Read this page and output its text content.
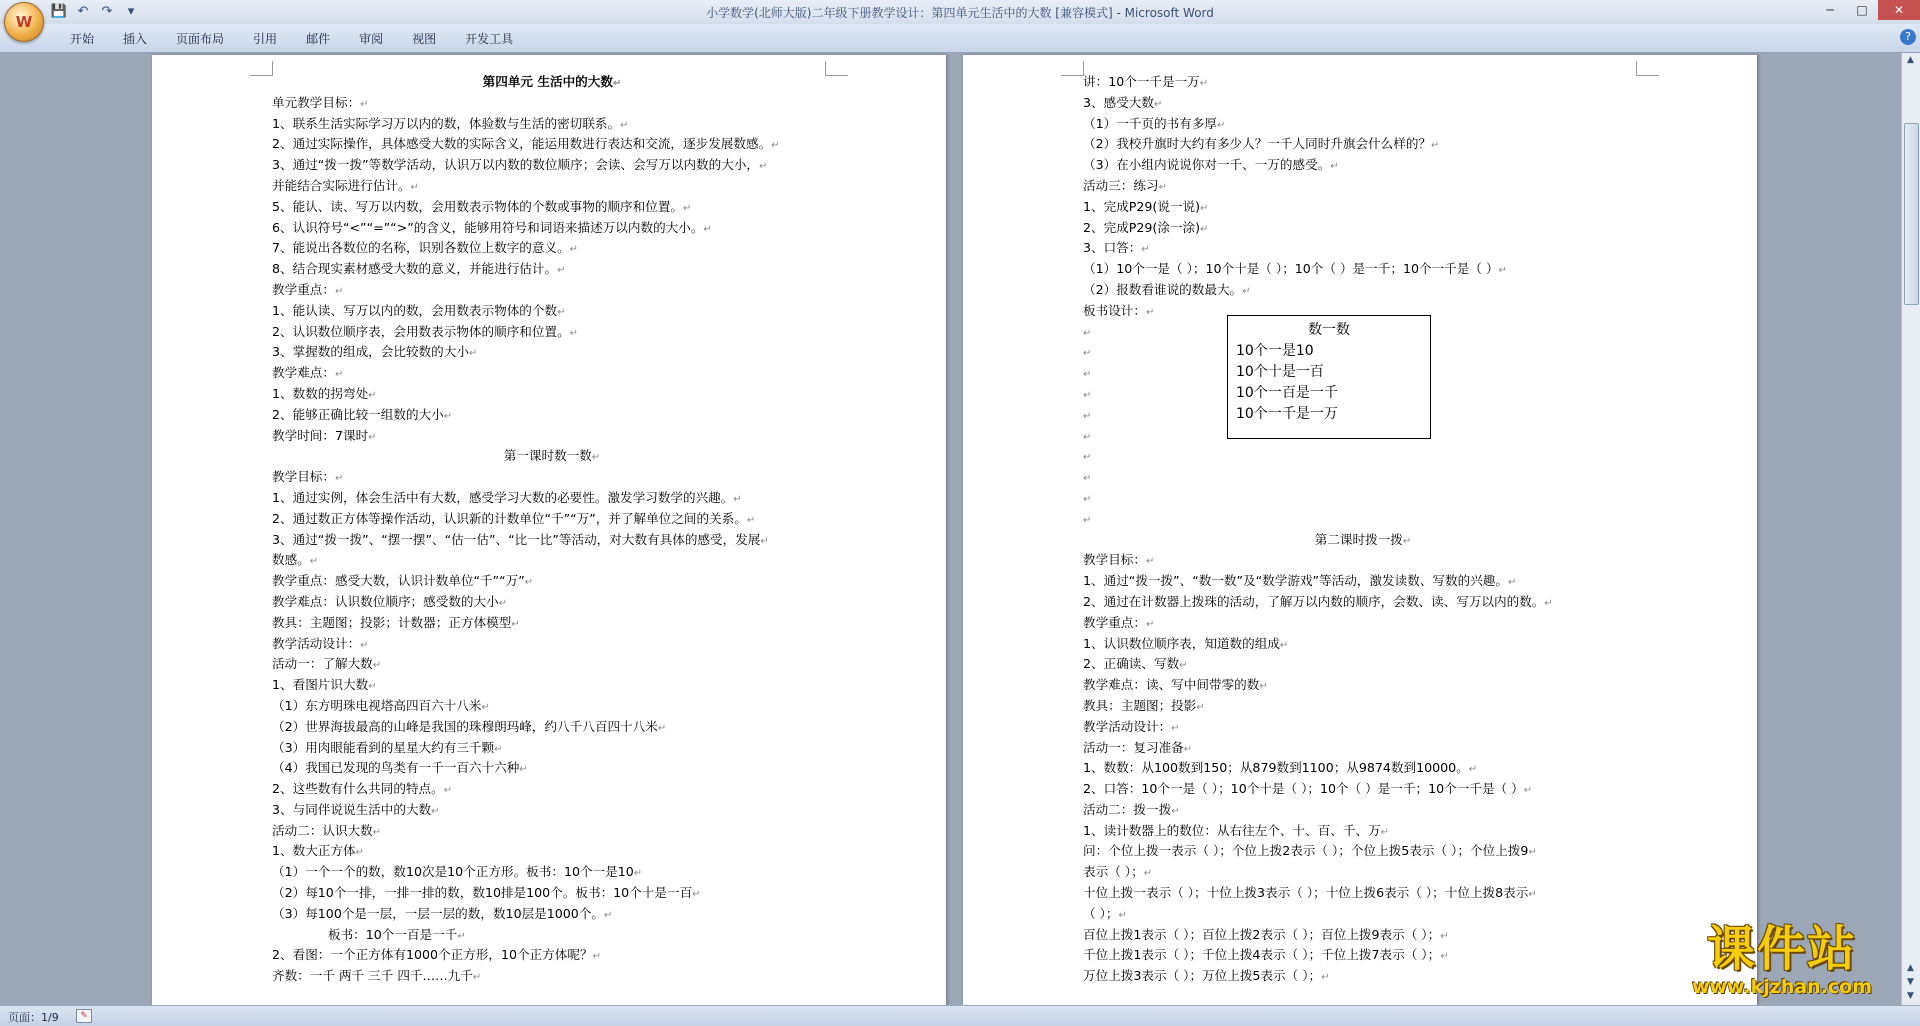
💾 ↶ ↷	▾	小学数学(北师大版)二年级下册教学设计：第四单元生活中的大数 [兼容模式] - Microsoft Word	─	□	✕
W
开始	插入	页面布局	引用	邮件	审阅	视图	开发工具	?
第四单元 生活中的大数↵
单元教学目标：↵
1、联系生活实际学习万以内的数，体验数与生活的密切联系。↵
2、通过实际操作，具体感受大数的实际含义，能运用数进行表达和交流，逐步发展数感。↵
3、通过“拨一拨”等数学活动，认识万以内数的数位顺序；会读、会写万以内数的大小，↵
并能结合实际进行估计。↵
5、能认、读、写万以内数，会用数表示物体的个数或事物的顺序和位置。↵
6、认识符号“<”“=”“>”的含义，能够用符号和词语来描述万以内数的大小。↵
7、能说出各数位的名称，识别各数位上数字的意义。↵
8、结合现实素材感受大数的意义，并能进行估计。↵
教学重点：↵
1、能认读、写万以内的数，会用数表示物体的个数↵
2、认识数位顺序表，会用数表示物体的顺序和位置。↵
3、掌握数的组成，会比较数的大小↵
教学难点：↵
1、数数的拐弯处↵
2、能够正确比较一组数的大小↵
教学时间：7课时↵
第一课时数一数↵
教学目标：↵
1、通过实例，体会生活中有大数，感受学习大数的必要性。激发学习数学的兴趣。↵
2、通过数正方体等操作活动，认识新的计数单位“千”“万”，并了解单位之间的关系。↵
3、通过“拨一拨”、“摆一摆”、“估一估”、“比一比”等活动，对大数有具体的感受，发展↵
数感。↵
教学重点：感受大数，认识计数单位“千”“万”↵
教学难点：认识数位顺序；感受数的大小↵
教具：主题图；投影；计数器；正方体模型↵
教学活动设计：↵
活动一：了解大数↵
1、看图片识大数↵
（1）东方明珠电视塔高四百六十八米↵
（2）世界海拔最高的山峰是我国的珠穆朗玛峰，约八千八百四十八米↵
（3）用肉眼能看到的星星大约有三千颗↵
（4）我国已发现的鸟类有一千一百六十六种↵
2、这些数有什么共同的特点。↵
3、与同伴说说生活中的大数↵
活动二：认识大数↵
1、数大正方体↵
（1）一个一个的数，数10次是10个正方形。板书：10个一是10↵
（2）每10个一排，一排一排的数，数10排是100个。板书：10个十是一百↵
（3）每100个是一层，一层一层的数，数10层是1000个。↵
板书：10个一百是一千↵
2、看图：一个正方体有1000个正方形，10个正方体呢？↵
齐数：一千 两千 三千 四千……九千↵
讲：10个一千是一万↵
3、感受大数↵
（1）一千页的书有多厚↵
（2）我校升旗时大约有多少人？一千人同时升旗会什么样的？↵
（3）在小组内说说你对一千、一万的感受。↵
活动三：练习↵
1、完成P29(说一说)↵
2、完成P29(涂一涂)↵
3、口答：↵
（1）10个一是（ ）；10个十是（ ）；10个（ ）是一千；10个一千是（ ）↵
（2）报数看谁说的数最大。↵
板书设计：↵
↵
↵
↵
↵
↵
↵
↵
↵
↵
↵
第二课时拨一拨↵
教学目标：↵
1、通过“拨一拨”、“数一数”及“数学游戏”等活动，激发读数、写数的兴趣。↵
2、通过在计数器上拨珠的活动，了解万以内数的顺序，会数、读、写万以内的数。↵
教学重点：↵
1、认识数位顺序表，知道数的组成↵
2、正确读、写数↵
教学难点：读、写中间带零的数↵
教具：主题图；投影↵
教学活动设计：↵
活动一：复习准备↵
1、数数：从100数到150；从879数到1100；从9874数到10000。↵
2、口答：10个一是（ ）；10个十是（ ）；10个（ ）是一千；10个一千是（ ）↵
活动二：拨一拨↵
1、读计数器上的数位：从右往左个、十、百、千、万↵
问：个位上拨一表示（ ）；个位上拨2表示（ ）；个位上拨5表示（ ）；个位上拨9↵
表示（ ）；↵
十位上拨一表示（ ）；十位上拨3表示（ ）；十位上拨6表示（ ）；十位上拨8表示↵
（ ）；↵
百位上拨1表示（ ）；百位上拨2表示（ ）；百位上拨9表示（ ）；↵
千位上拨1表示（ ）；千位上拨4表示（ ）；千位上拨7表示（ ）；↵
万位上拨3表示（ ）；万位上拨5表示（ ）；↵
数一数
10个一是10
10个十是一百
10个一百是一千
10个一千是一万
▲
▲
▼
▼
课件站
www.kjzhan.com
页面：1/9	✎
